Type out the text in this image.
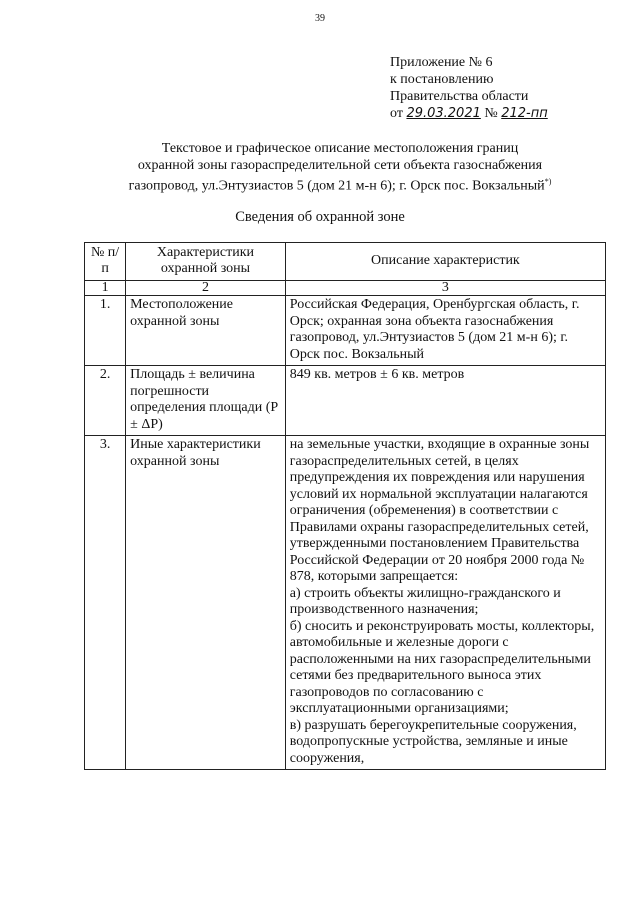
39
Приложение № 6
к постановлению
Правительства области
от 29.03.2021 № 212-пп
Текстовое и графическое описание местоположения границ
охранной зоны газораспределительной сети объекта газоснабжения
газопровод, ул.Энтузиастов 5 (дом 21 м-н 6); г. Орск пос. Вокзальный*)
Сведения об охранной зоне
№ п/п	Характеристики охранной зоны	Описание характеристик
1	2	3
1.	Местоположение охранной зоны	Российская Федерация, Оренбургская область, г. Орск; охранная зона объекта газоснабжения газопровод, ул.Энтузиастов 5 (дом 21 м-н 6); г. Орск пос. Вокзальный

2.	Площадь ± величина погрешности определения площади (Р ± ΔР)	849 кв. метров ± 6 кв. метров

3.	Иные характеристики охранной зоны	на земельные участки, входящие в охранные зоны газораспределительных сетей, в целях предупреждения их повреждения или нарушения условий их нормальной эксплуатации налагаются ограничения (обременения) в соответствии с Правилами охраны газораспределительных сетей, утвержденными постановлением Правительства Российской Федерации от 20 ноября 2000 года № 878, которыми запрещается:
а) строить объекты жилищно-гражданского и производственного назначения;
б) сносить и реконструировать мосты, коллекторы, автомобильные и железные дороги с расположенными на них газораспределительными сетями без предварительного выноса этих газопроводов по согласованию с эксплуатационными организациями;
в) разрушать берегоукрепительные сооружения, водопропускные устройства, земляные и иные сооружения,
